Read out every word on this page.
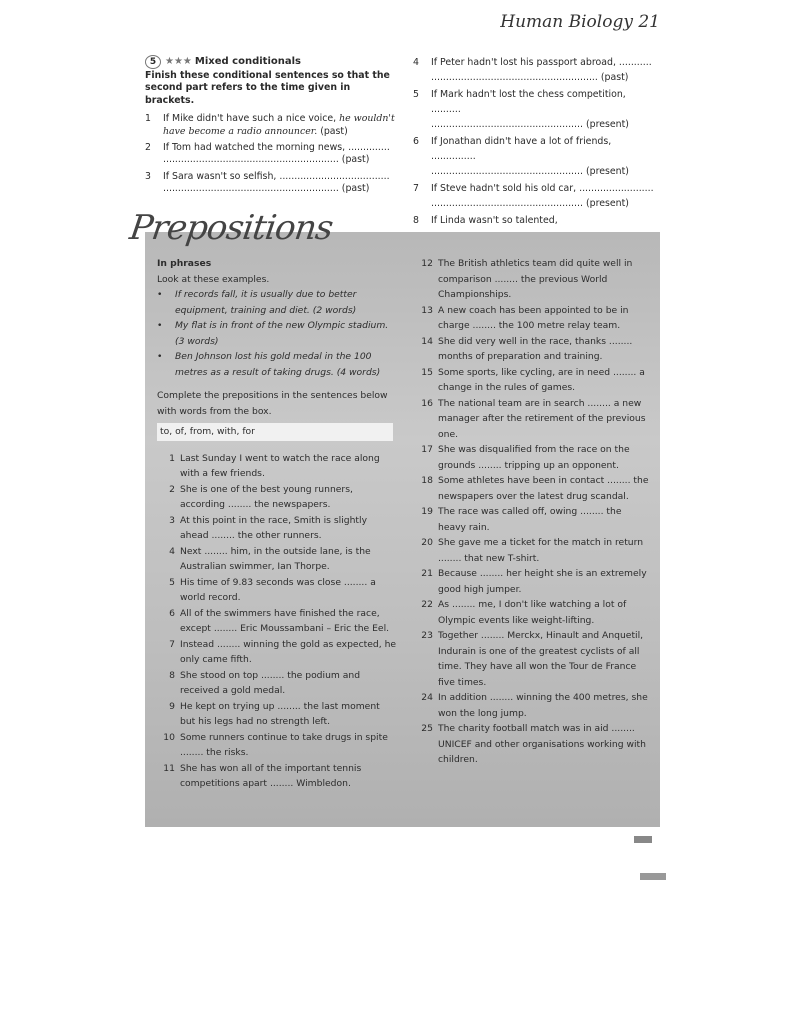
Human Biology 21
5 ★★★ Mixed conditionals
Finish these conditional sentences so that the second part refers to the time given in brackets.
1	If Mike didn't have such a nice voice, he wouldn't have become a radio announcer. (past)
2	If Tom had watched the morning news, ..............
........................................................... (past)
3	If Sara wasn't so selfish, .....................................
........................................................... (past)
4	If Peter hadn't lost his passport abroad, ...........
........................................................ (past)
5	If Mark hadn't lost the chess competition, ..........
................................................... (present)
6	If Jonathan didn't have a lot of friends, ...............
................................................... (present)
7	If Steve hadn't sold his old car, .........................
................................................... (present)
8	If Linda wasn't so talented,

Prepositions
In phrases
Look at these examples.
•	If records fall, it is usually due to better equipment, training and diet. (2 words)
•	My flat is in front of the new Olympic stadium. (3 words)
•	Ben Johnson lost his gold medal in the 100 metres as a result of taking drugs. (4 words)
Complete the prepositions in the sentences below with words from the box.
to, of, from, with, for
1 Last Sunday I went to watch the race along with a few friends.
2 She is one of the best young runners, according ........ the newspapers.
3 At this point in the race, Smith is slightly ahead ........ the other runners.
4 Next ........ him, in the outside lane, is the Australian swimmer, Ian Thorpe.
5 His time of 9.83 seconds was close ........ a world record.
6 All of the swimmers have finished the race, except ........ Eric Moussambani – Eric the Eel.
7 Instead ........ winning the gold as expected, he only came fifth.
8 She stood on top ........ the podium and received a gold medal.
9 He kept on trying up ........ the last moment but his legs had no strength left.
10 Some runners continue to take drugs in spite ........ the risks.
11 She has won all of the important tennis competitions apart ........ Wimbledon.
12 The British athletics team did quite well in comparison ........ the previous World Championships.
13 A new coach has been appointed to be in charge ........ the 100 metre relay team.
14 She did very well in the race, thanks ........ months of preparation and training.
15 Some sports, like cycling, are in need ........ a change in the rules of games.
16 The national team are in search ........ a new manager after the retirement of the previous one.
17 She was disqualified from the race on the grounds ........ tripping up an opponent.
18 Some athletes have been in contact ........ the newspapers over the latest drug scandal.
19 The race was called off, owing ........ the heavy rain.
20 She gave me a ticket for the match in return ........ that new T-shirt.
21 Because ........ her height she is an extremely good high jumper.
22 As ........ me, I don't like watching a lot of Olympic events like weight-lifting.
23 Together ........ Merckx, Hinault and Anquetil, Indurain is one of the greatest cyclists of all time. They have all won the Tour de France five times.
24 In addition ........ winning the 400 metres, she won the long jump.
25 The charity football match was in aid ........ UNICEF and other organisations working with children.
